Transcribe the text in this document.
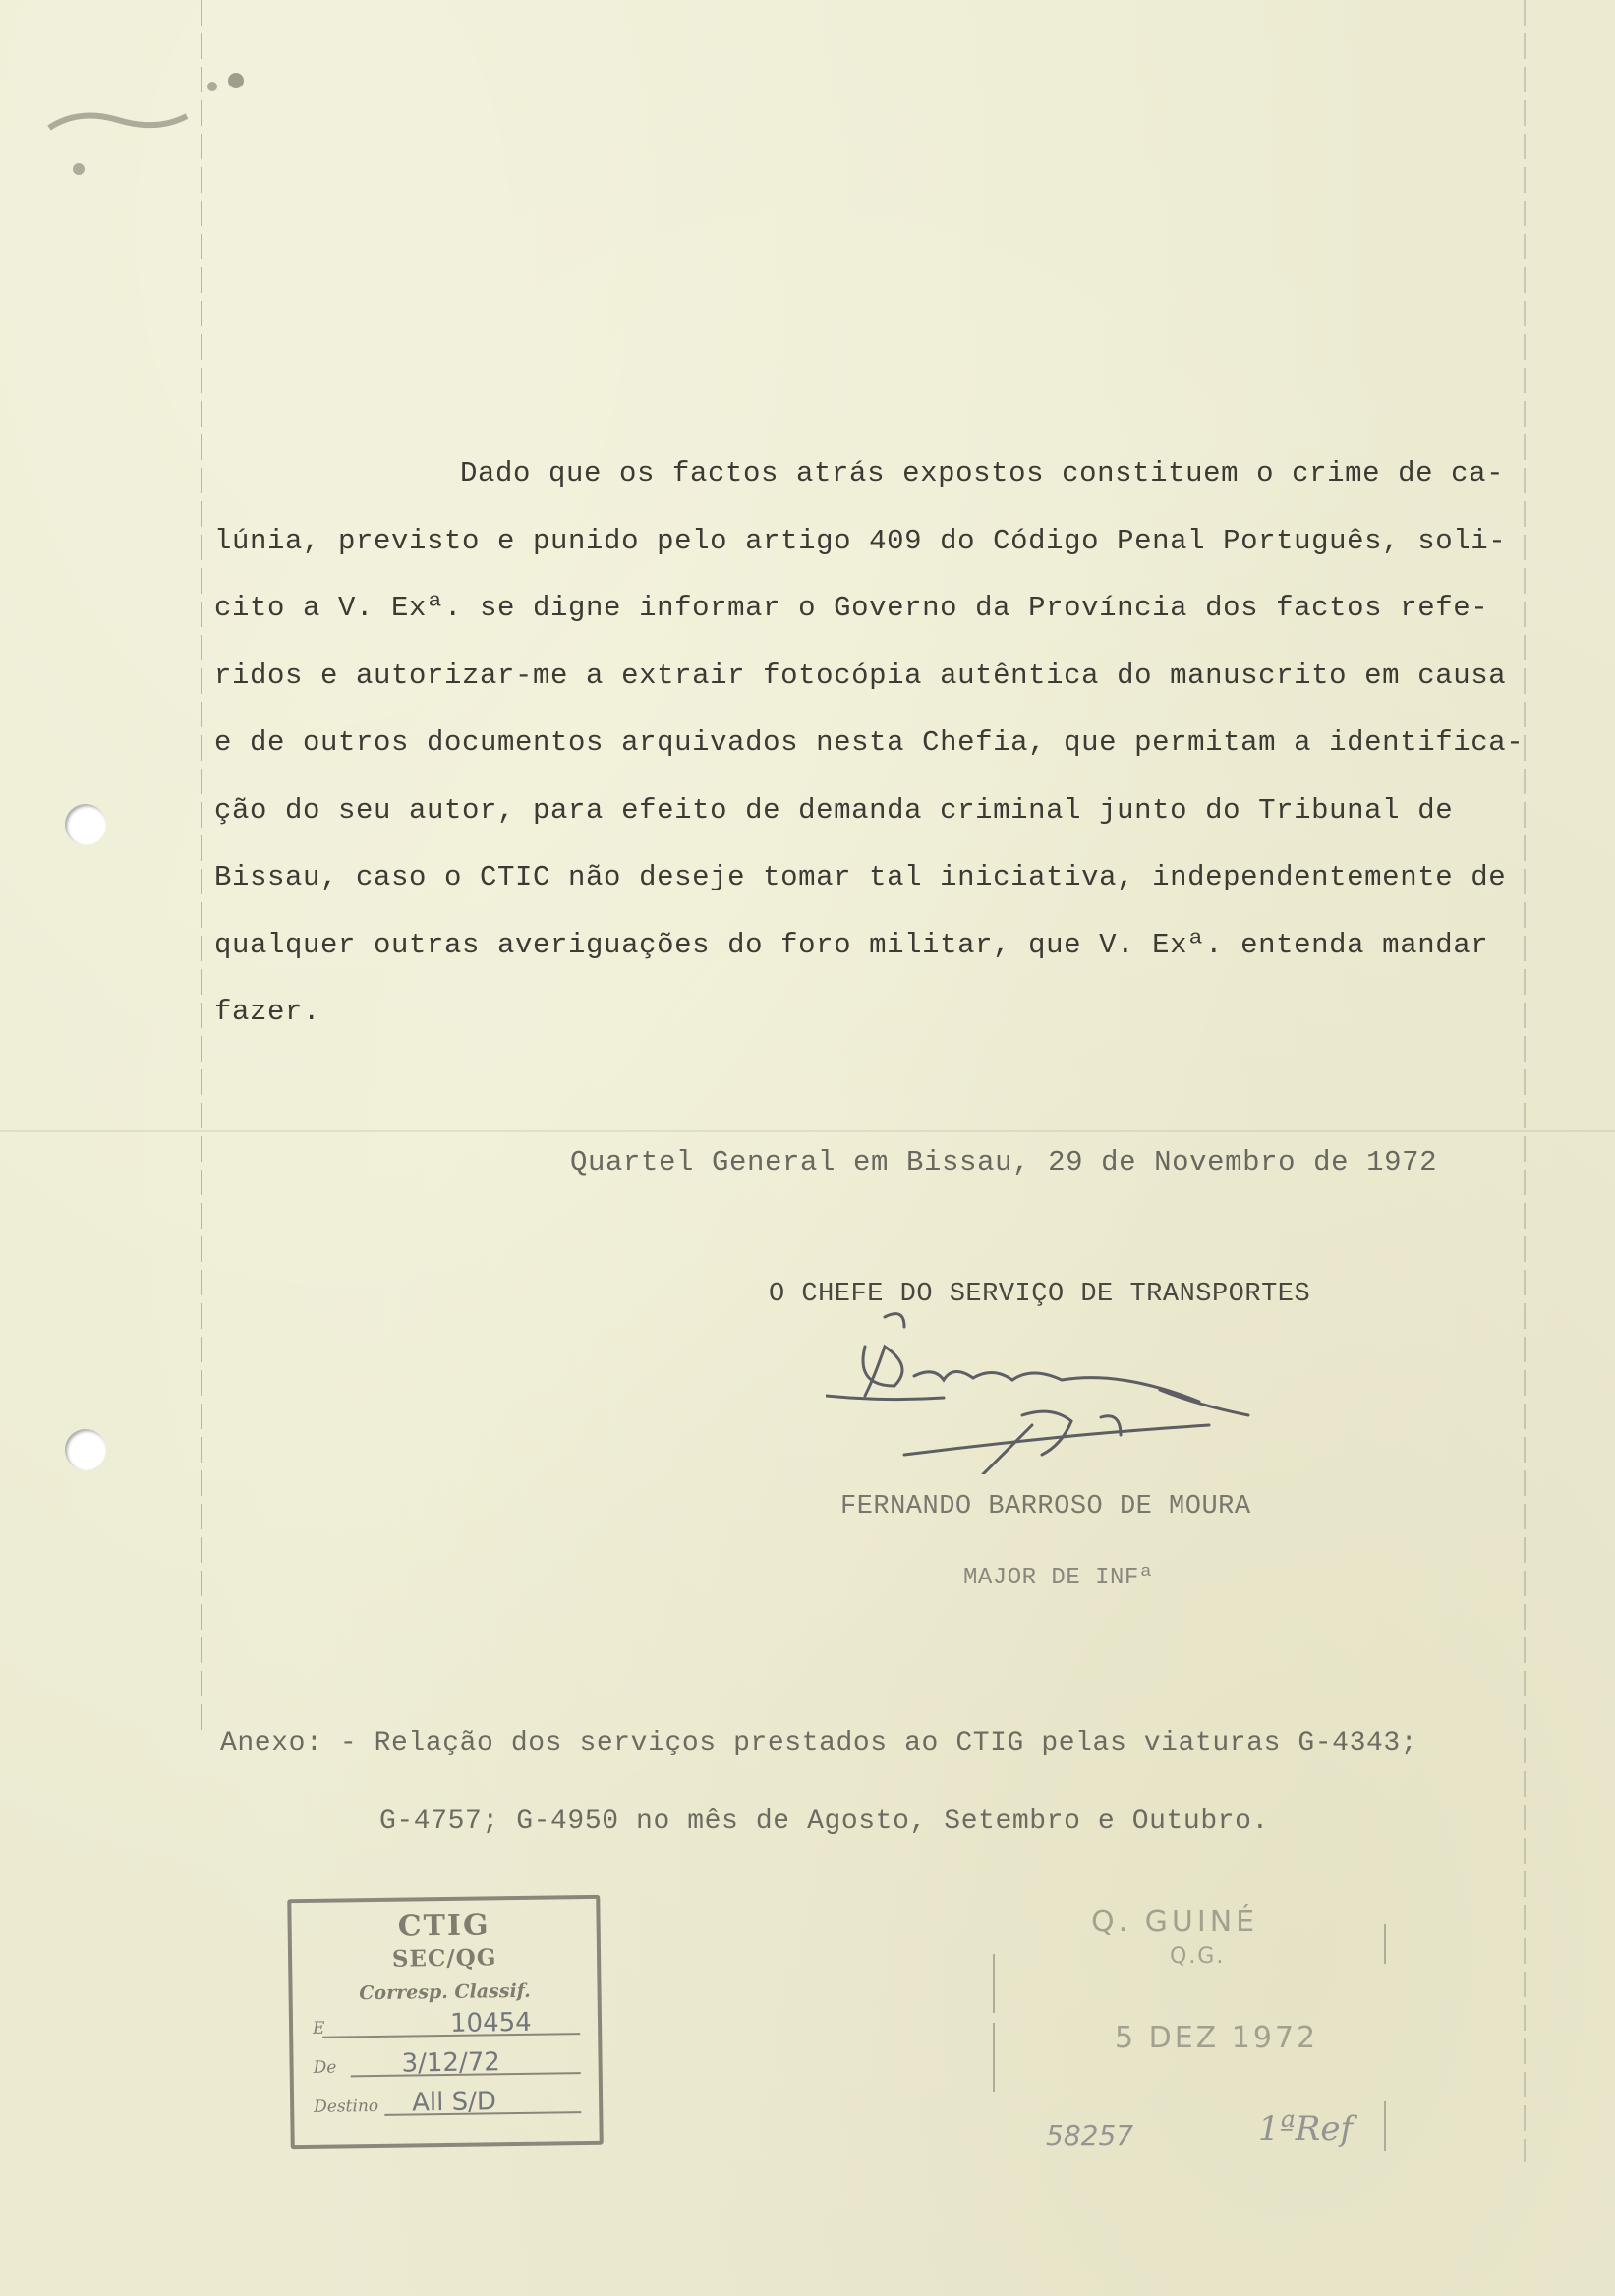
Dado que os factos atrás expostos constituem o crime de ca-
lúnia, previsto e punido pelo artigo 409 do Código Penal Português, soli-
cito a V. Exª. se digne informar o Governo da Província dos factos refe-
ridos e autorizar-me a extrair fotocópia autêntica do manuscrito em causa
e de outros documentos arquivados nesta Chefia, que permitam a identifica-
ção do seu autor, para efeito de demanda criminal junto do Tribunal de
Bissau, caso o CTIC não deseje tomar tal iniciativa, independentemente de
qualquer outras averiguações do foro militar, que V. Exª. entenda mandar
fazer.
Quartel General em Bissau, 29 de Novembro de 1972
O CHEFE DO SERVIÇO DE TRANSPORTES
FERNANDO BARROSO DE MOURA
MAJOR DE INFª
Anexo: - Relação dos serviços prestados ao CTIG pelas viaturas G-4343;
G-4757; G-4950 no mês de Agosto, Setembro e Outubro.
CTIG
SEC/QG
Corresp. Classif.
E	10454
De	3/12/72
Destino All S/D
Q. GUINÉ
Q.G.
5 DEZ 1972
58257	1ªRef
